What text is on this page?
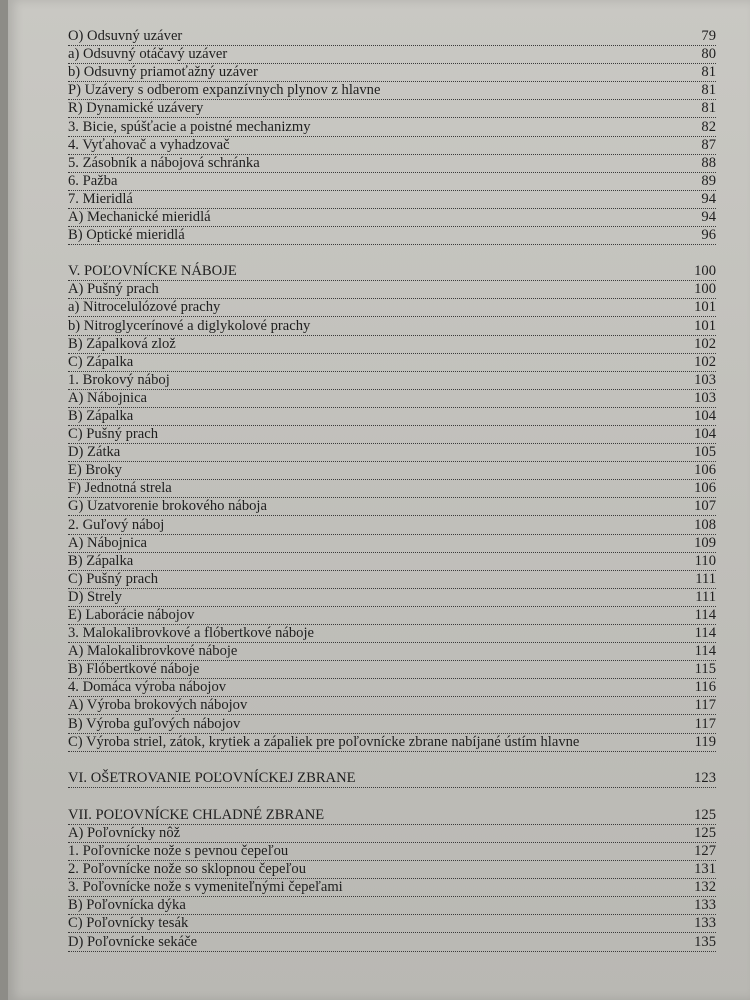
O) Odsuvný uzáver	79
a) Odsuvný otáčavý uzáver	80
b) Odsuvný priamoťažný uzáver	81
P) Uzávery s odberom expanzívnych plynov z hlavne	81
R) Dynamické uzávery	81
3. Bicie, spúšťacie a poistné mechanizmy	82
4. Vyťahovač a vyhadzovač	87
5. Zásobník a nábojová schránka	88
6. Pažba	89
7. Mieridlá	94
A) Mechanické mieridlá	94
B) Optické mieridlá	96
V. POĽOVNÍCKE NÁBOJE	100
A) Pušný prach	100
a) Nitrocelulózové prachy	101
b) Nitroglycerínové a diglykolové prachy	101
B) Zápalková zlož	102
C) Zápalka	102
1. Brokový náboj	103
A) Nábojnica	103
B) Zápalka	104
C) Pušný prach	104
D) Zátka	105
E) Broky	106
F) Jednotná strela	106
G) Uzatvorenie brokového náboja	107
2. Guľový náboj	108
A) Nábojnica	109
B) Zápalka	110
C) Pušný prach	111
D) Strely	111
E) Laborácie nábojov	114
3. Malokalibrovkové a flóbertkové náboje	114
A) Malokalibrovkové náboje	114
B) Flóbertkové náboje	115
4. Domáca výroba nábojov	116
A) Výroba brokových nábojov	117
B) Výroba guľových nábojov	117
C) Výroba striel, zátok, krytiek a zápaliek pre poľovnícke zbrane nabíjané ústím hlavne	119
VI. OŠETROVANIE POĽOVNÍCKEJ ZBRANE	123
VII. POĽOVNÍCKE CHLADNÉ ZBRANE	125
A) Poľovnícky nôž	125
1. Poľovnícke nože s pevnou čepeľou	127
2. Poľovnícke nože so sklopnou čepeľou	131
3. Poľovnícke nože s vymeniteľnými čepeľami	132
B) Poľovnícka dýka	133
C) Poľovnícky tesák	133
D) Poľovnícke sekáče	135
